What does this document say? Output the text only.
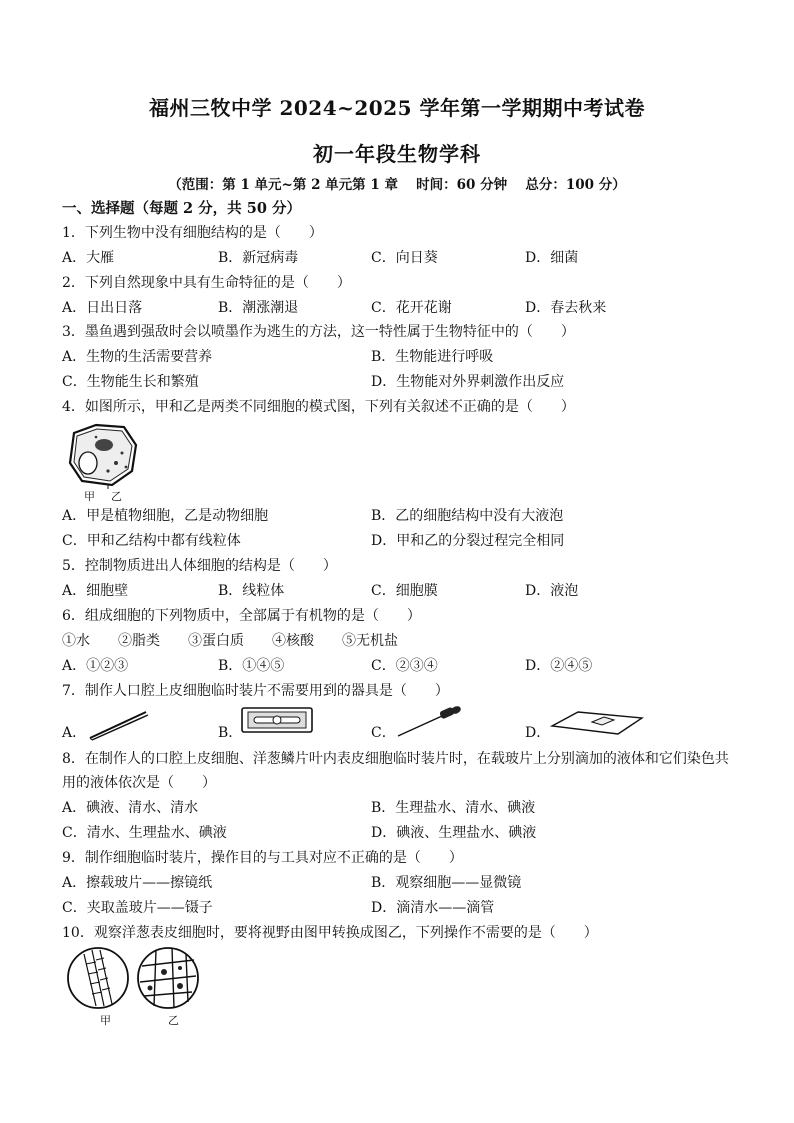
福州三牧中学 2024~2025 学年第一学期期中考试卷
初一年段生物学科
（范围：第 1 单元~第 2 单元第 1 章　 时间：60 分钟　 总分：100 分）
一、选择题（每题 2 分，共 50 分）
1．下列生物中没有细胞结构的是（　　）
A．大雁	B．新冠病毒	C．向日葵	D．细菌
2．下列自然现象中具有生命特征的是（　　）
A．日出日落	B．潮涨潮退	C．花开花谢	D．春去秋来
3．墨鱼遇到强敌时会以喷墨作为逃生的方法，这一特性属于生物特征中的（　　）
A．生物的生活需要营养	B．生物能进行呼吸
C．生物能生长和繁殖	D．生物能对外界刺激作出反应
4．如图所示，甲和乙是两类不同细胞的模式图，下列有关叙述不正确的是（　　）
甲 乙
A．甲是植物细胞，乙是动物细胞	B．乙的细胞结构中没有大液泡
C．甲和乙结构中都有线粒体	D．甲和乙的分裂过程完全相同
5．控制物质进出人体细胞的结构是（　　）
A．细胞壁	B．线粒体	C．细胞膜	D．液泡
6．组成细胞的下列物质中，全部属于有机物的是（　　）
①水　　②脂类　　③蛋白质　　④核酸　　⑤无机盐
A．①②③	B．①④⑤	C．②③④	D．②④⑤
7．制作人口腔上皮细胞临时装片不需要用到的器具是（　　）
A．	B．	C．	D．
8．在制作人的口腔上皮细胞、洋葱鳞片叶内表皮细胞临时装片时，在载玻片上分别滴加的液体和它们染色共
用的液体依次是（　　）
A．碘液、清水、清水	B．生理盐水、清水、碘液
C．清水、生理盐水、碘液	D．碘液、生理盐水、碘液
9．制作细胞临时装片，操作目的与工具对应不正确的是（　　）
A．擦载玻片——擦镜纸	B．观察细胞——显微镜
C．夹取盖玻片——镊子	D．滴清水——滴管
10．观察洋葱表皮细胞时，要将视野由图甲转换成图乙，下列操作不需要的是（　　）
甲	乙
